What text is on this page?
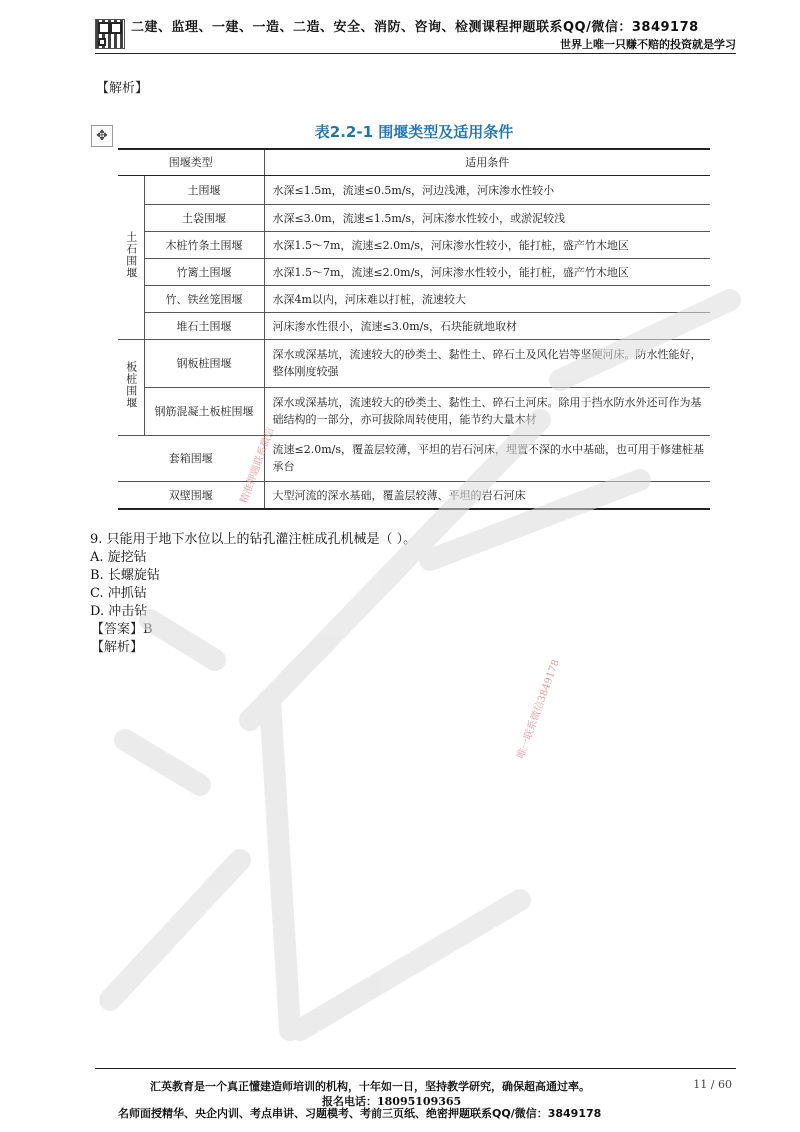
二建、监理、一建、一造、二造、安全、消防、咨询、检测课程押题联系QQ/微信：3849178
世界上唯一只赚不赔的投资就是学习
【解析】
✥	表2.2-1 围堰类型及适用条件
围堰类型		适用条件
土石围堰	土围堰	水深≤1.5m，流速≤0.5m/s，河边浅滩，河床渗水性较小
	土袋围堰	水深≤3.0m，流速≤1.5m/s，河床渗水性较小，或淤泥较浅
	木桩竹条土围堰	水深1.5～7m，流速≤2.0m/s，河床渗水性较小，能打桩，盛产竹木地区
	竹篱土围堰	水深1.5～7m，流速≤2.0m/s，河床渗水性较小，能打桩，盛产竹木地区
	竹、铁丝笼围堰	水深4m以内，河床难以打桩，流速较大
	堆石土围堰	河床渗水性很小，流速≤3.0m/s，石块能就地取材
板桩围堰	钢板桩围堰	深水或深基坑，流速较大的砂类土、黏性土、碎石土及风化岩等坚硬河床。防水性能好，整体刚度较强
	钢筋混凝土板桩围堰	深水或深基坑，流速较大的砂类土、黏性土、碎石土河床。除用于挡水防水外还可作为基础结构的一部分，亦可拔除周转使用，能节约大量木材
套箱围堰		流速≤2.0m/s，覆盖层较薄，平坦的岩石河床，埋置不深的水中基础，也可用于修建桩基承台
双壁围堰		大型河流的深水基础，覆盖层较薄、平坦的岩石河床
9. 只能用于地下水位以上的钻孔灌注桩成孔机械是（ ）。
A. 旋挖钻
B. 长螺旋钻
C. 冲抓钻
D. 冲击钻
【答案】B
【解析】
精准押题联系微信
唯一联系微信3849178
汇英教育是一个真正懂建造师培训的机构，十年如一日，坚持教学研究，确保超高通过率。	11 / 60
报名电话：18095109365
名师面授精华、央企内训、考点串讲、习题模考、考前三页纸、绝密押题联系QQ/微信：3849178
